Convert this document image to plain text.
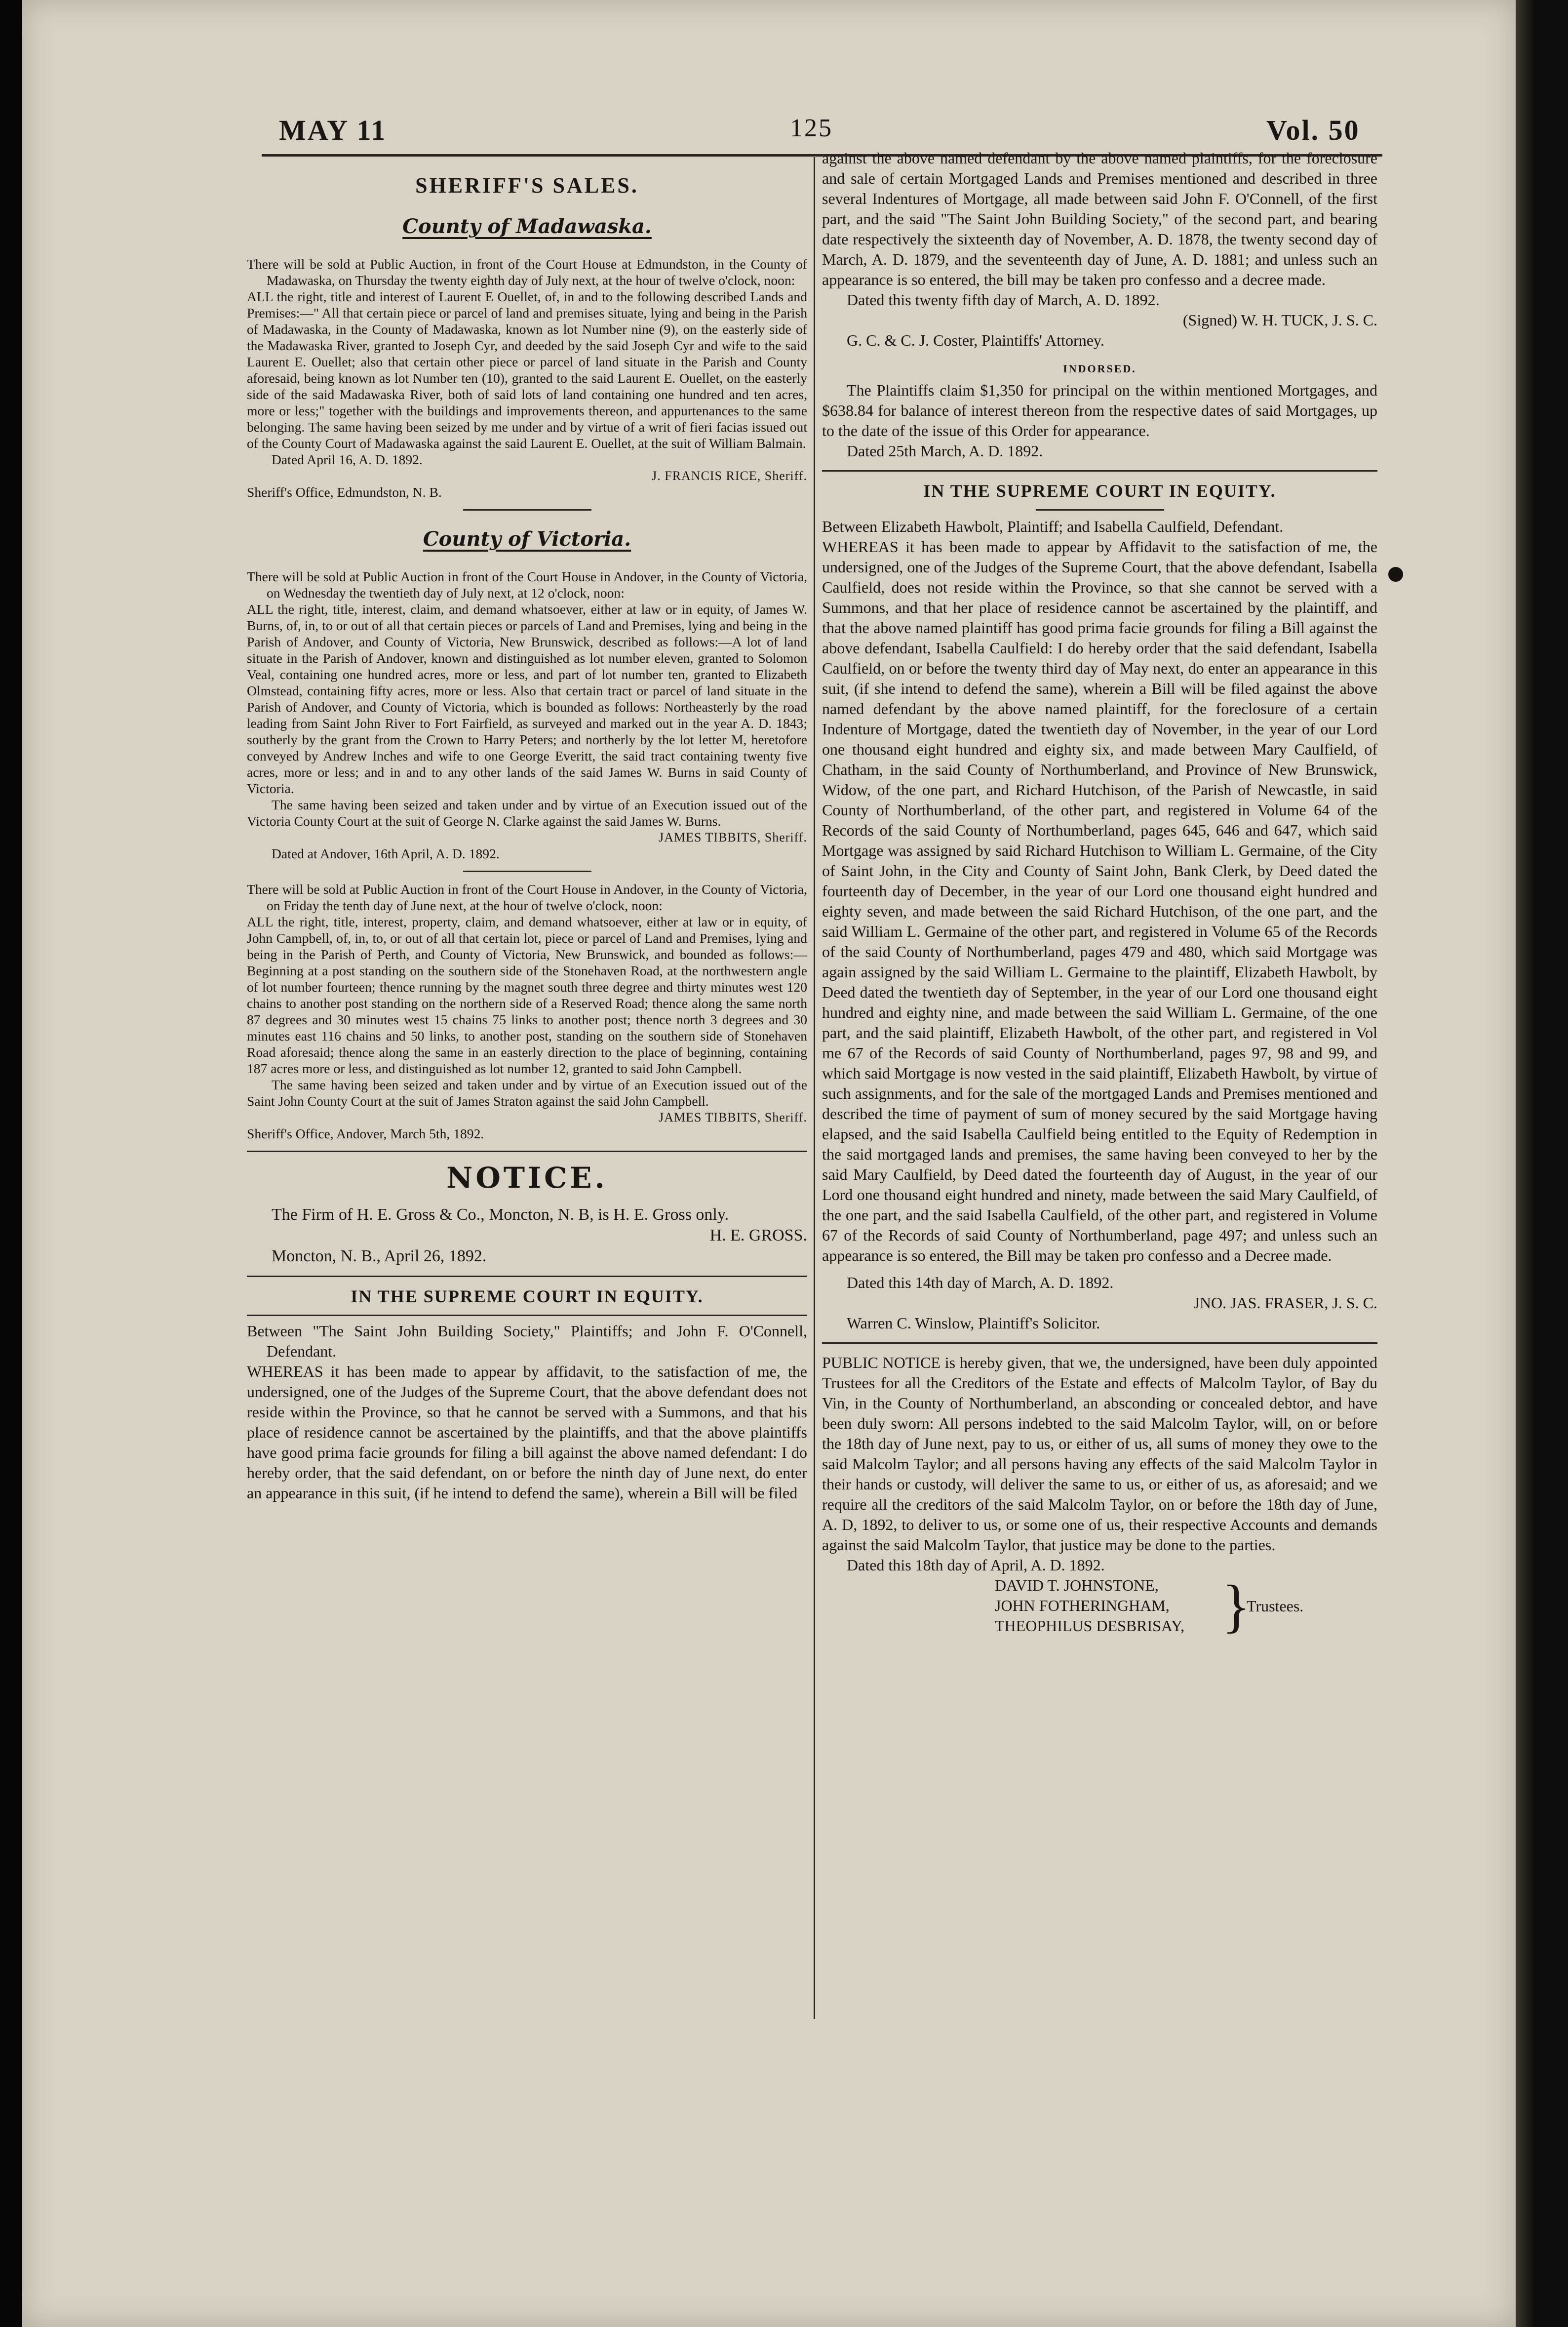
MAY 11	125	Vol. 50
SHERIFF'S SALES.
County of Madawaska.

There will be sold at Public Auction, in front of the Court House at Edmundston, in the County of Madawaska, on Thursday the twenty eighth day of July next, at the hour of twelve o'clock, noon:

ALL the right, title and interest of Laurent E Ouellet, of, in and to the following described Lands and Premises:—" All that certain piece or parcel of land and premises situate, lying and being in the Parish of Madawaska, in the County of Madawaska, known as lot Number nine (9), on the easterly side of the Madawaska River, granted to Joseph Cyr, and deeded by the said Joseph Cyr and wife to the said Laurent E. Ouellet; also that certain other piece or parcel of land situate in the Parish and County aforesaid, being known as lot Number ten (10), granted to the said Laurent E. Ouellet, on the easterly side of the said Madawaska River, both of said lots of land containing one hundred and ten acres, more or less;" together with the buildings and improvements thereon, and appurtenances to the same belonging. The same having been seized by me under and by virtue of a writ of fieri facias issued out of the County Court of Madawaska against the said Laurent E. Ouellet, at the suit of William Balmain.

Dated April 16, A. D. 1892.

J. FRANCIS RICE, Sheriff.

Sheriff's Office, Edmundston, N. B.

County of Victoria.

There will be sold at Public Auction in front of the Court House in Andover, in the County of Victoria, on Wednesday the twentieth day of July next, at 12 o'clock, noon:

ALL the right, title, interest, claim, and demand whatsoever, either at law or in equity, of James W. Burns, of, in, to or out of all that certain pieces or parcels of Land and Premises, lying and being in the Parish of Andover, and County of Victoria, New Brunswick, described as follows:—A lot of land situate in the Parish of Andover, known and distinguished as lot number eleven, granted to Solomon Veal, containing one hundred acres, more or less, and part of lot number ten, granted to Elizabeth Olmstead, containing fifty acres, more or less. Also that certain tract or parcel of land situate in the Parish of Andover, and County of Victoria, which is bounded as follows: Northeasterly by the road leading from Saint John River to Fort Fairfield, as surveyed and marked out in the year A. D. 1843; southerly by the grant from the Crown to Harry Peters; and northerly by the lot letter M, heretofore conveyed by Andrew Inches and wife to one George Everitt, the said tract containing twenty five acres, more or less; and in and to any other lands of the said James W. Burns in said County of Victoria.

The same having been seized and taken under and by virtue of an Execution issued out of the Victoria County Court at the suit of George N. Clarke against the said James W. Burns.

JAMES TIBBITS, Sheriff.

Dated at Andover, 16th April, A. D. 1892.

There will be sold at Public Auction in front of the Court House in Andover, in the County of Victoria, on Friday the tenth day of June next, at the hour of twelve o'clock, noon:

ALL the right, title, interest, property, claim, and demand whatsoever, either at law or in equity, of John Campbell, of, in, to, or out of all that certain lot, piece or parcel of Land and Premises, lying and being in the Parish of Perth, and County of Victoria, New Brunswick, and bounded as follows:—Beginning at a post standing on the southern side of the Stonehaven Road, at the northwestern angle of lot number fourteen; thence running by the magnet south three degree and thirty minutes west 120 chains to another post standing on the northern side of a Reserved Road; thence along the same north 87 degrees and 30 minutes west 15 chains 75 links to another post; thence north 3 degrees and 30 minutes east 116 chains and 50 links, to another post, standing on the southern side of Stonehaven Road aforesaid; thence along the same in an easterly direction to the place of beginning, containing 187 acres more or less, and distinguished as lot number 12, granted to said John Campbell.

The same having been seized and taken under and by virtue of an Execution issued out of the Saint John County Court at the suit of James Straton against the said John Campbell.

JAMES TIBBITS, Sheriff.

Sheriff's Office, Andover, March 5th, 1892.

NOTICE.

The Firm of H. E. Gross & Co., Moncton, N. B, is H. E. Gross only.

H. E. GROSS.

Moncton, N. B., April 26, 1892.

IN THE SUPREME COURT IN EQUITY.

Between "The Saint John Building Society," Plaintiffs; and John F. O'Connell, Defendant.

WHEREAS it has been made to appear by affidavit, to the satisfaction of me, the undersigned, one of the Judges of the Supreme Court, that the above defendant does not reside within the Province, so that he cannot be served with a Summons, and that his place of residence cannot be ascertained by the plaintiffs, and that the above plaintiffs have good prima facie grounds for filing a bill against the above named defendant: I do hereby order, that the said defendant, on or before the ninth day of June next, do enter an appearance in this suit, (if he intend to defend the same), wherein a Bill will be filed

against the above named defendant by the above named plaintiffs, for the foreclosure and sale of certain Mortgaged Lands and Premises mentioned and described in three several Indentures of Mortgage, all made between said John F. O'Connell, of the first part, and the said "The Saint John Building Society," of the second part, and bearing date respectively the sixteenth day of November, A. D. 1878, the twenty second day of March, A. D. 1879, and the seventeenth day of June, A. D. 1881; and unless such an appearance is so entered, the bill may be taken pro confesso and a decree made.

Dated this twenty fifth day of March, A. D. 1892.

(Signed) W. H. TUCK, J. S. C.

G. C. & C. J. Coster, Plaintiffs' Attorney.

INDORSED.

The Plaintiffs claim $1,350 for principal on the within mentioned Mortgages, and $638.84 for balance of interest thereon from the respective dates of said Mortgages, up to the date of the issue of this Order for appearance.

Dated 25th March, A. D. 1892.

IN THE SUPREME COURT IN EQUITY.

Between Elizabeth Hawbolt, Plaintiff; and Isabella Caulfield, Defendant.

WHEREAS it has been made to appear by Affidavit to the satisfaction of me, the undersigned, one of the Judges of the Supreme Court, that the above defendant, Isabella Caulfield, does not reside within the Province, so that she cannot be served with a Summons, and that her place of residence cannot be ascertained by the plaintiff, and that the above named plaintiff has good prima facie grounds for filing a Bill against the above defendant, Isabella Caulfield: I do hereby order that the said defendant, Isabella Caulfield, on or before the twenty third day of May next, do enter an appearance in this suit, (if she intend to defend the same), wherein a Bill will be filed against the above named defendant by the above named plaintiff, for the foreclosure of a certain Indenture of Mortgage, dated the twentieth day of November, in the year of our Lord one thousand eight hundred and eighty six, and made between Mary Caulfield, of Chatham, in the said County of Northumberland, and Province of New Brunswick, Widow, of the one part, and Richard Hutchison, of the Parish of Newcastle, in said County of Northumberland, of the other part, and registered in Volume 64 of the Records of the said County of Northumberland, pages 645, 646 and 647, which said Mortgage was assigned by said Richard Hutchison to William L. Germaine, of the City of Saint John, in the City and County of Saint John, Bank Clerk, by Deed dated the fourteenth day of December, in the year of our Lord one thousand eight hundred and eighty seven, and made between the said Richard Hutchison, of the one part, and the said William L. Germaine of the other part, and registered in Volume 65 of the Records of the said County of Northumberland, pages 479 and 480, which said Mortgage was again assigned by the said William L. Germaine to the plaintiff, Elizabeth Hawbolt, by Deed dated the twentieth day of September, in the year of our Lord one thousand eight hundred and eighty nine, and made between the said William L. Germaine, of the one part, and the said plaintiff, Elizabeth Hawbolt, of the other part, and registered in Vol me 67 of the Records of said County of Northumberland, pages 97, 98 and 99, and which said Mortgage is now vested in the said plaintiff, Elizabeth Hawbolt, by virtue of such assignments, and for the sale of the mortgaged Lands and Premises mentioned and described the time of payment of sum of money secured by the said Mortgage having elapsed, and the said Isabella Caulfield being entitled to the Equity of Redemption in the said mortgaged lands and premises, the same having been conveyed to her by the said Mary Caulfield, by Deed dated the fourteenth day of August, in the year of our Lord one thousand eight hundred and ninety, made between the said Mary Caulfield, of the one part, and the said Isabella Caulfield, of the other part, and registered in Volume 67 of the Records of said County of Northumberland, page 497; and unless such an appearance is so entered, the Bill may be taken pro confesso and a Decree made.

Dated this 14th day of March, A. D. 1892.

JNO. JAS. FRASER, J. S. C.

Warren C. Winslow, Plaintiff's Solicitor.

PUBLIC NOTICE is hereby given, that we, the undersigned, have been duly appointed Trustees for all the Creditors of the Estate and effects of Malcolm Taylor, of Bay du Vin, in the County of Northumberland, an absconding or concealed debtor, and have been duly sworn: All persons indebted to the said Malcolm Taylor, will, on or before the 18th day of June next, pay to us, or either of us, all sums of money they owe to the said Malcolm Taylor; and all persons having any effects of the said Malcolm Taylor in their hands or custody, will deliver the same to us, or either of us, as aforesaid; and we require all the creditors of the said Malcolm Taylor, on or before the 18th day of June, A. D, 1892, to deliver to us, or some one of us, their respective Accounts and demands against the said Malcolm Taylor, that justice may be done to the parties.

Dated this 18th day of April, A. D. 1892.

DAVID T. JOHNSTONE,
JOHN FOTHERINGHAM,
THEOPHILUS DESBRISAY, }
Trustees.
